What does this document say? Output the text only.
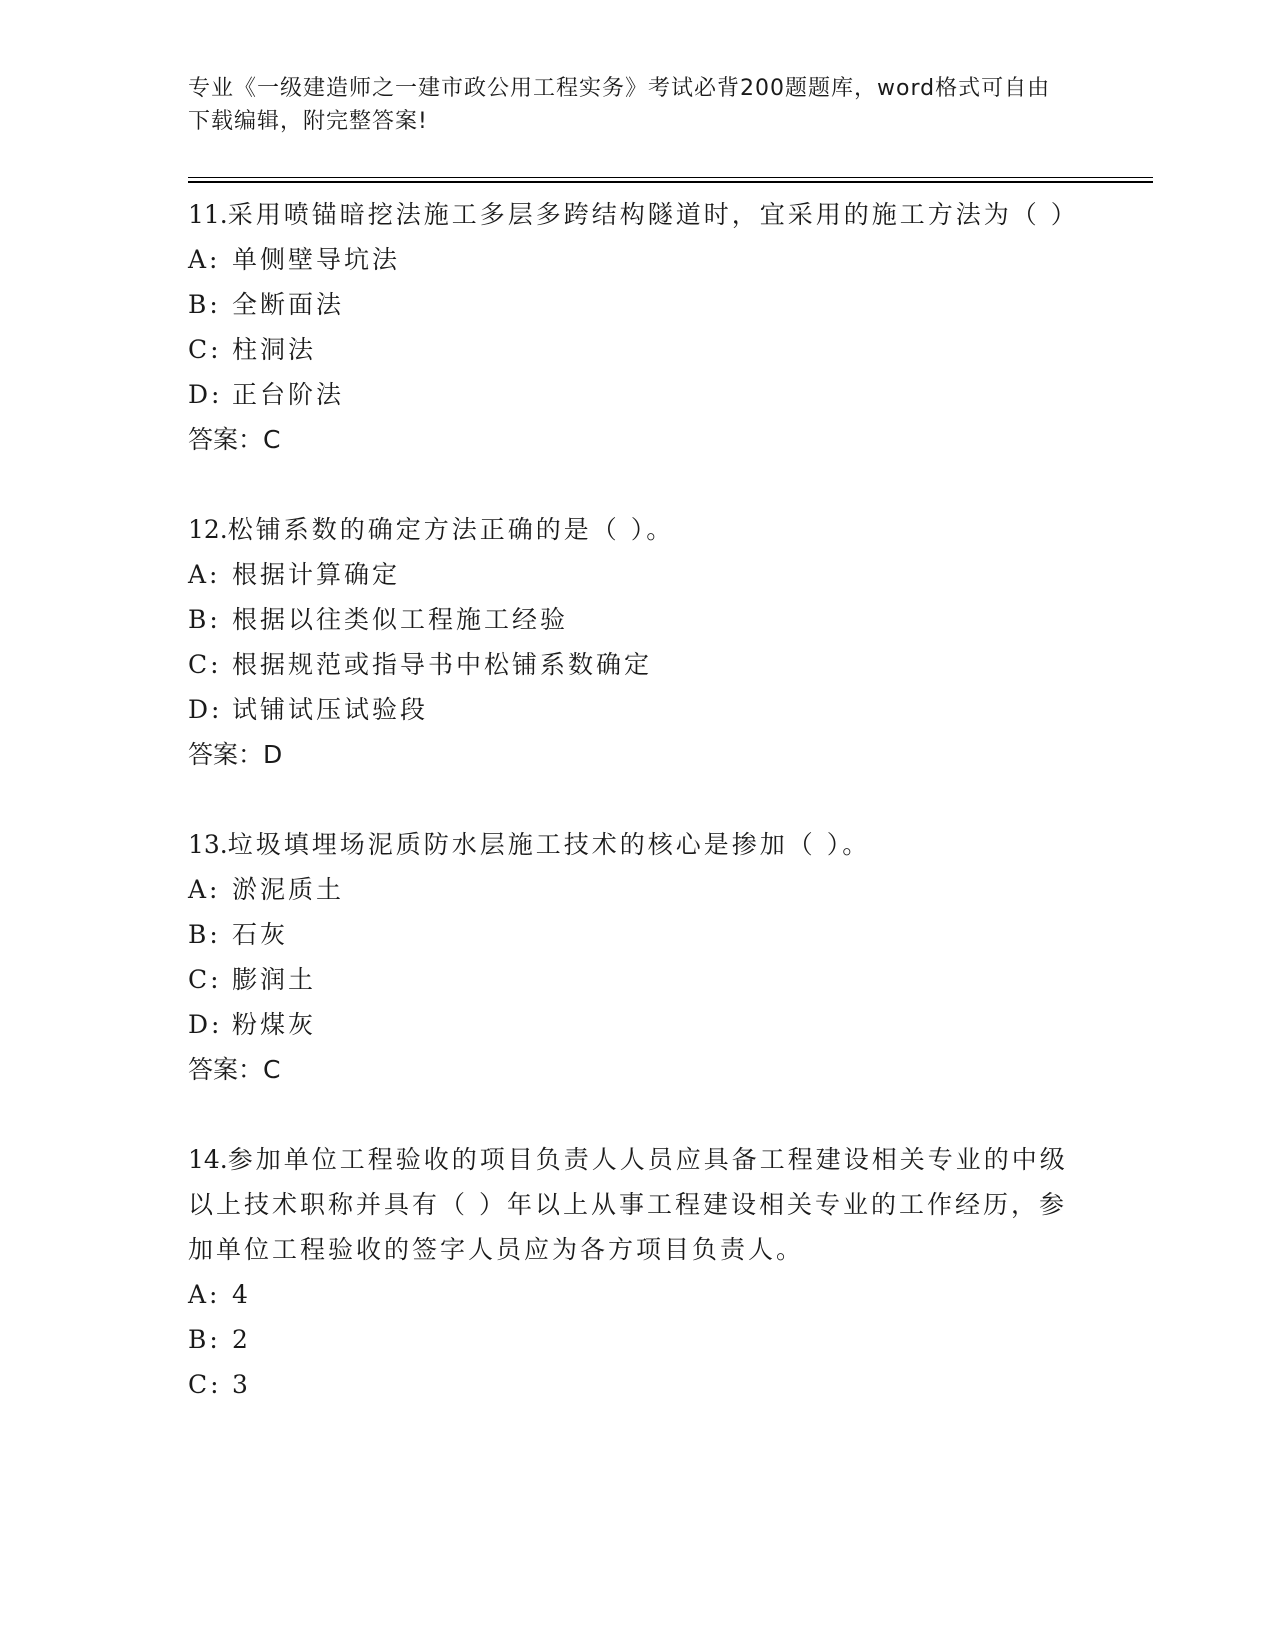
专业《一级建造师之一建市政公用工程实务》考试必背200题题库，word格式可自由下载编辑，附完整答案!

11.采用喷锚暗挖法施工多层多跨结构隧道时，宜采用的施工方法为（ ）

A: 单侧壁导坑法

B: 全断面法

C: 柱洞法

D: 正台阶法

答案：C

12.松铺系数的确定方法正确的是（ ）。

A: 根据计算确定

B: 根据以往类似工程施工经验

C: 根据规范或指导书中松铺系数确定

D: 试铺试压试验段

答案：D

13.垃圾填埋场泥质防水层施工技术的核心是掺加（ ）。

A: 淤泥质土

B: 石灰

C: 膨润土

D: 粉煤灰

答案：C

14.参加单位工程验收的项目负责人人员应具备工程建设相关专业的中级以上技术职称并具有（ ）年以上从事工程建设相关专业的工作经历，参加单位工程验收的签字人员应为各方项目负责人。

A: 4

B: 2

C: 3
